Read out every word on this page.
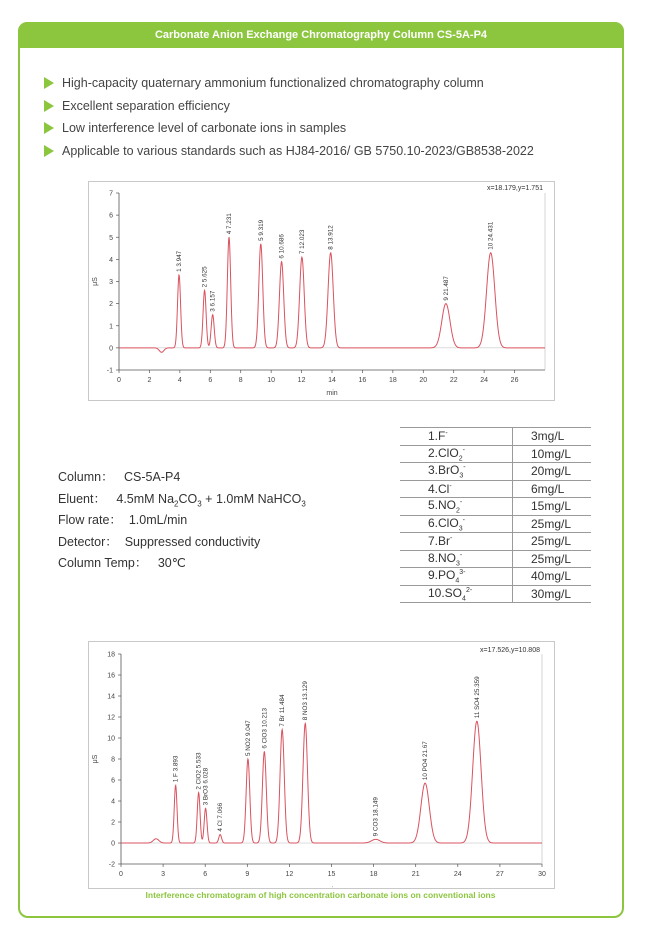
Carbonate Anion Exchange Chromatography Column CS-5A-P4
High-capacity quaternary ammonium functionalized chromatography column
Excellent separation efficiency
Low interference level of carbonate ions in samples
Applicable to various standards such as HJ84-2016/ GB 5750.10-2023/GB8538-2022
0	2	4	6	8	10	12	14	16	18	20	22	24	26
-1
0
1
2
3
4
5
6
7
min
μS
x=18.179,y=1.751
1 3.947
2 5.625
3 6.157
4 7.231	5 9.319
6 10.686 7 12.023	8 13.912
9 21.487
10 24.431
Column： CS-5A-P4
Eluent： 4.5mM $Na_2CO_3 + 1.0mM$ NaHCO$_3$
Flow rate： 1.0mL/min
Detector： Suppressed conductivity
Column Temp： 30℃
1.F-	3mg/L
2.ClO$_2$-	10mg/L
3.BrO$_3$-	20mg/L
4.Cl-	6mg/L
$5.NO_2^-$	15mg/L
6.ClO$_3$-	25mg/L
7.Br-	25mg/L
$8.NO_3^-$	25mg/L
$9.PO_4^{3-}$	40mg/L
$10.SO_4^{2-}$	30mg/L
0	3	6	9	12	15	18	21	24	27	30
-2
0
2
4
6
8
10
12
14
16
18
μS
x=17.526,y=10.808
1 F 3.893	2 ClO2 5.533 3 BrO3 6.028
4 Cl 7.066
5 NO2 9.047 6 ClO3 10.213 7 Br 11.484	8 NO3 13.129
9 CO3 18.149
10 PO4 21.67
11 SO4 25.359
Interference chromatogram of high concentration carbonate ions on conventional ions
